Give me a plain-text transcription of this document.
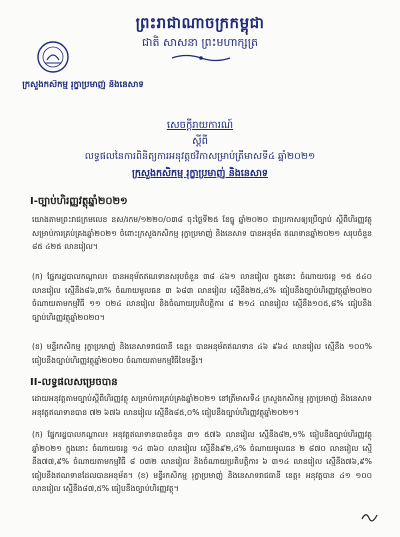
ព្រះរាជាណាចក្រកម្ពុជា
ជាតិ សាសនា ព្រះមហាក្សត្រ
ក្រសួងកសិកម្ម រុក្ខាប្រមាញ់ និងនេសាទ
សេចក្តីរាយការណ៍
ស្តីពី
លទ្ធផលនៃការពិនិត្យការអនុវត្តថវិកាសម្រាប់ត្រីមាសទី៤ ឆ្នាំ២០២១
ក្រសួងកសិកម្ម រុក្ខាប្រមាញ់ និងនេសាទ
I-ច្បាប់ហិរញ្ញវត្ថុឆ្នាំ២០២១
យោងតាមព្រះរាជក្រមលេខ នស/រកម/១២២០/០៣៨ ចុះថ្ងៃទី២៥ ខែធ្នូ ឆ្នាំ២០២០ ជាប្រកាសឲ្យប្រើច្បាប់ ស្តីពីហិរញ្ញវត្ថុសម្រាប់ការគ្រប់គ្រងឆ្នាំ២០២១ ចំពោះក្រសួងកសិកម្ម រុក្ខាប្រមាញ់ និងនេសាទ បានអនុម័ត ឥណទានឆ្នាំ២០២១ សរុបចំនួន ៨៥ ៤២៥ លានរៀល។
(ក) ផ្នែករដ្ឋបាលកណ្តាល៖ បានអនុម័តឥណទានសរុបចំនួន ៣៨ ៤៦១ លានរៀល ក្នុងនោះ ចំណាយចរន្ត ១៥ ៥៤០ លានរៀល ស្មើនឹង៨៦,៣% ចំណាយមូលធន ៣ ៦៨៣ លានរៀល ស្មើនឹង២៥,៤% ធៀបនឹងច្បាប់ហិរញ្ញវត្ថុឆ្នាំ២០២០ ចំណាយតាមកម្មវិធី ១១ ០២៤ លានរៀល និងចំណាយប្រតិបត្តិការ ៨ ២១៤ លានរៀល ស្មើនឹង១០៥,៨% ធៀបនឹងច្បាប់ហិរញ្ញវត្ថុឆ្នាំ២០២០។
(ខ) មន្ទីរកសិកម្ម រុក្ខាប្រមាញ់ និងនេសាទរាជធានី ខេត្ត៖ បានអនុម័តឥណទាន ៤៦ ៩៦៤ លានរៀល ស្មើនឹង ១០០% ធៀបនឹងច្បាប់ហិរញ្ញវត្ថុឆ្នាំ២០២០ ចំណាយតាមកម្មវិធីនៃមន្ទីរ។
II-លទ្ធផលសម្រេចបាន
ដោយអនុវត្តតាមច្បាប់ស្តីពីហិរញ្ញវត្ថុ សម្រាប់ការគ្រប់គ្រងឆ្នាំ២០២១ នៅត្រីមាសទី៤ ក្រសួងកសិកម្ម រុក្ខាប្រមាញ់ និងនេសាទ អនុវត្តឥណទានបាន ៧២ ៦៧៦ លានរៀល ស្មើនឹង៨៥,០% ធៀបនឹងច្បាប់ហិរញ្ញវត្ថុឆ្នាំ២០២១។
(ក) ផ្នែករដ្ឋបាលកណ្តាល៖ អនុវត្តឥណទានបានចំនួន ៣១ ៥៧៦ លានរៀល ស្មើនឹង៨២,១% ធៀបនឹងច្បាប់ហិរញ្ញវត្ថុឆ្នាំ២០២១ ក្នុងនោះ ចំណាយចរន្ត ១៤ ៣៦០ លានរៀល ស្មើនឹង៩២,៤% ចំណាយមូលធន ២ ៨៧០ លានរៀល ស្មើនឹង៧៧,៩% ចំណាយតាមកម្មវិធី ៨ ០៣២ លានរៀល និងចំណាយប្រតិបត្តិការ ៦ ៣១៤ លានរៀល ស្មើនឹង៧៦,៩% ធៀបនឹងឥណទានដែលបានអនុម័ត។ (ខ) មន្ទីរកសិកម្ម រុក្ខាប្រមាញ់ និងនេសាទរាជធានី ខេត្ត៖ អនុវត្តបាន ៤១ ១០០ លានរៀល ស្មើនឹង៨៧,៥% ធៀបនឹងច្បាប់ហិរញ្ញវត្ថុ។
